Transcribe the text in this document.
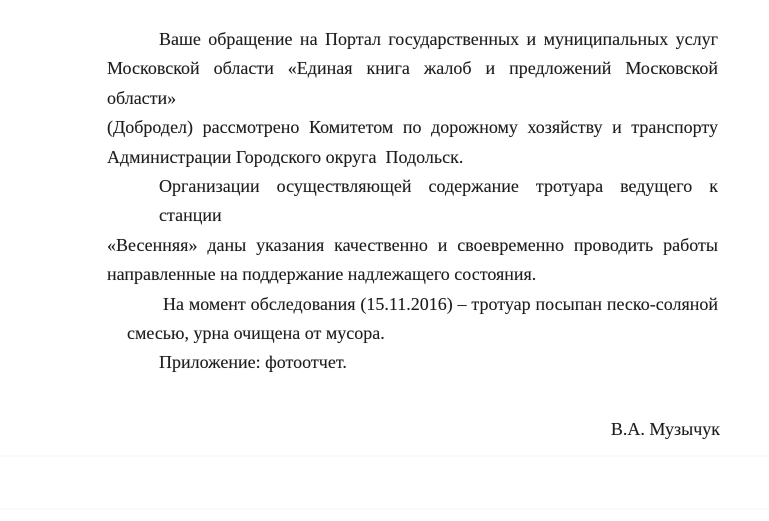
Ваше обращение на Портал государственных и муниципальных услуг
Московской области «Единая книга жалоб и предложений Московской области»
(Добродел) рассмотрено Комитетом по дорожному хозяйству и транспорту
Администрации Городского округа  Подольск.
Организации осуществляющей содержание тротуара ведущего к станции
«Весенняя» даны указания качественно и своевременно проводить работы
направленные на поддержание надлежащего состояния.
На момент обследования (15.11.2016) – тротуар посыпан песко-соляной
смесью, урна очищена от мусора.
Приложение: фотоотчет.
В.А. Музычук
